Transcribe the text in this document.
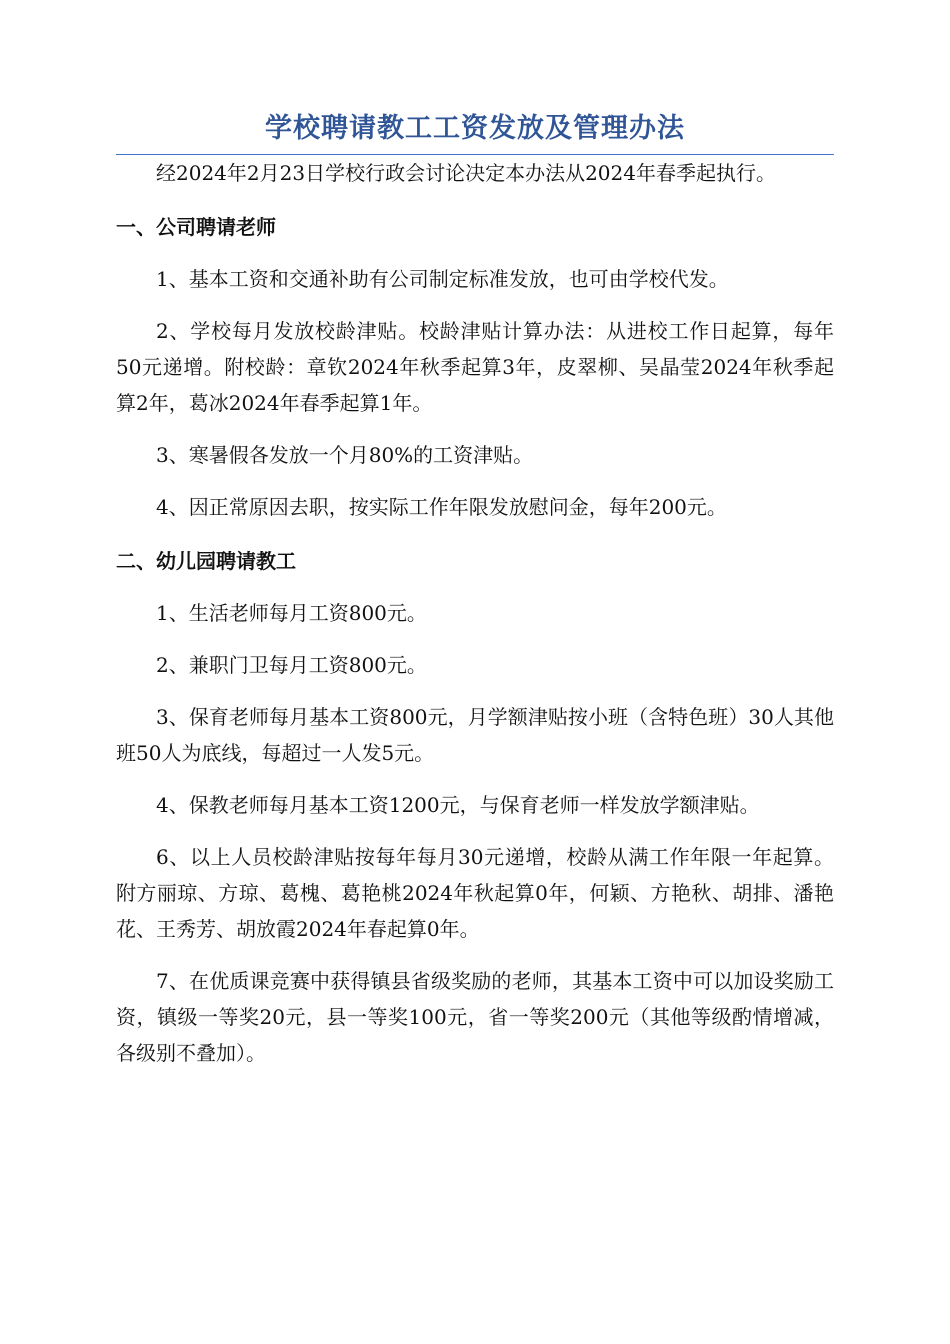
学校聘请教工工资发放及管理办法

经2024年2月23日学校行政会讨论决定本办法从2024年春季起执行。

一、公司聘请老师

1、基本工资和交通补助有公司制定标准发放，也可由学校代发。

2、学校每月发放校龄津贴。校龄津贴计算办法：从进校工作日起算，每年50元递增。附校龄：章钦2024年秋季起算3年，皮翠柳、吴晶莹2024年秋季起算2年，葛冰2024年春季起算1年。

3、寒暑假各发放一个月80%的工资津贴。

4、因正常原因去职，按实际工作年限发放慰问金，每年200元。

二、幼儿园聘请教工

1、生活老师每月工资800元。

2、兼职门卫每月工资800元。

3、保育老师每月基本工资800元，月学额津贴按小班（含特色班）30人其他班50人为底线，每超过一人发5元。

4、保教老师每月基本工资1200元，与保育老师一样发放学额津贴。

6、以上人员校龄津贴按每年每月30元递增，校龄从满工作年限一年起算。附方丽琼、方琼、葛槐、葛艳桃2024年秋起算0年，何颖、方艳秋、胡排、潘艳花、王秀芳、胡放霞2024年春起算0年。

7、在优质课竞赛中获得镇县省级奖励的老师，其基本工资中可以加设奖励工资，镇级一等奖20元，县一等奖100元，省一等奖200元（其他等级酌情增减，各级别不叠加）。
